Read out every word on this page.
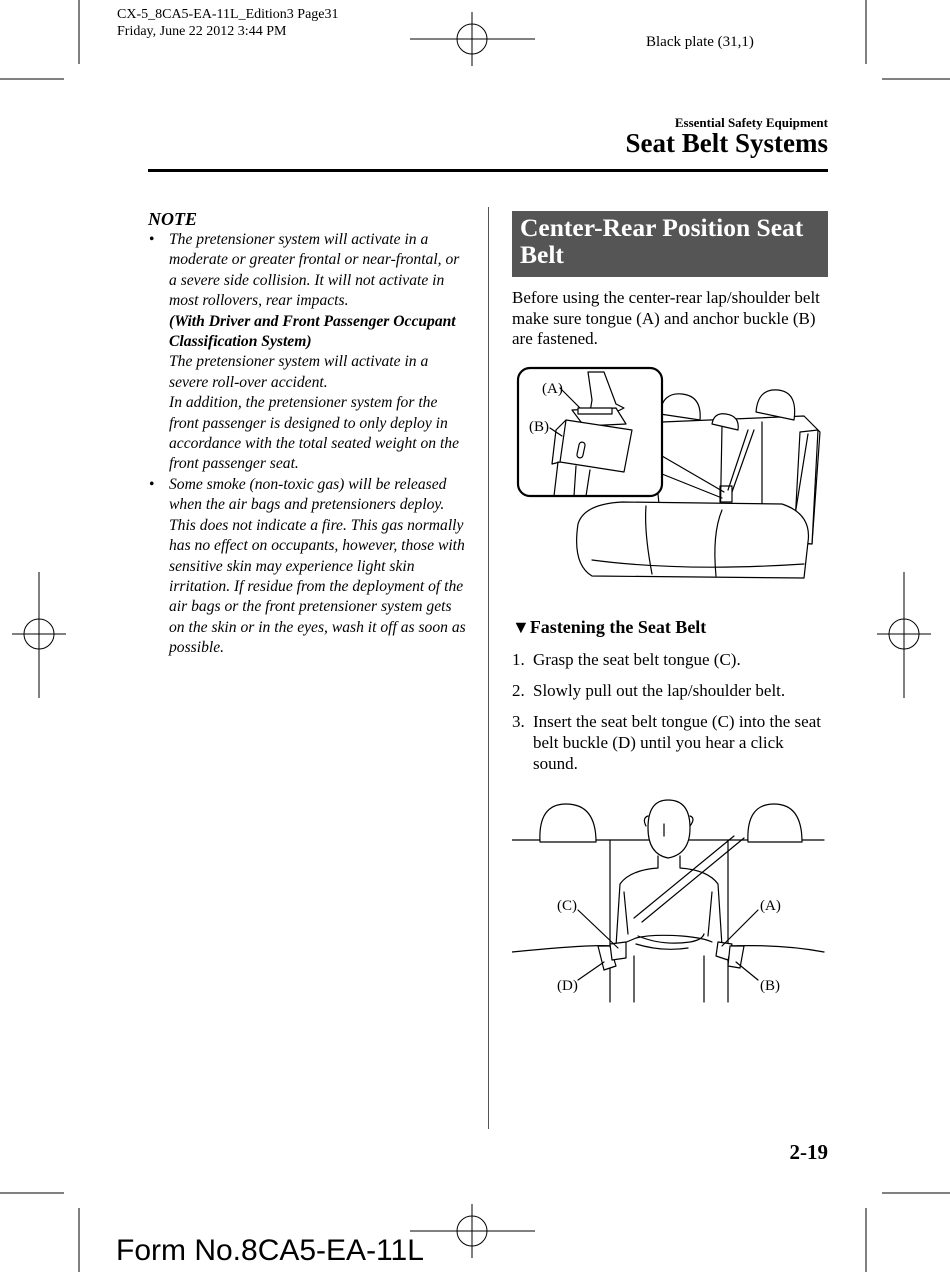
CX-5_8CA5-EA-11L_Edition3 Page31
Friday, June 22 2012 3:44 PM
Black plate (31,1)
Essential Safety Equipment
Seat Belt Systems
NOTE
• The pretensioner system will activate in a moderate or greater frontal or near-frontal, or a severe side collision. It will not activate in most rollovers, rear impacts.
(With Driver and Front Passenger Occupant Classification System)
The pretensioner system will activate in a severe roll-over accident.
In addition, the pretensioner system for the front passenger is designed to only deploy in accordance with the total seated weight on the front passenger seat.
• Some smoke (non-toxic gas) will be released when the air bags and pretensioners deploy. This does not indicate a fire. This gas normally has no effect on occupants, however, those with sensitive skin may experience light skin irritation. If residue from the deployment of the air bags or the front pretensioner system gets on the skin or in the eyes, wash it off as soon as possible.
Center-Rear Position Seat Belt
Before using the center-rear lap/shoulder belt make sure tongue (A) and anchor buckle (B) are fastened.
(A)
(B)
▼Fastening the Seat Belt
1. Grasp the seat belt tongue (C).
2. Slowly pull out the lap/shoulder belt.
3. Insert the seat belt tongue (C) into the seat belt buckle (D) until you hear a click sound.
(C)	(A)
(D)	(B)
2-19
Form No.8CA5-EA-11L
